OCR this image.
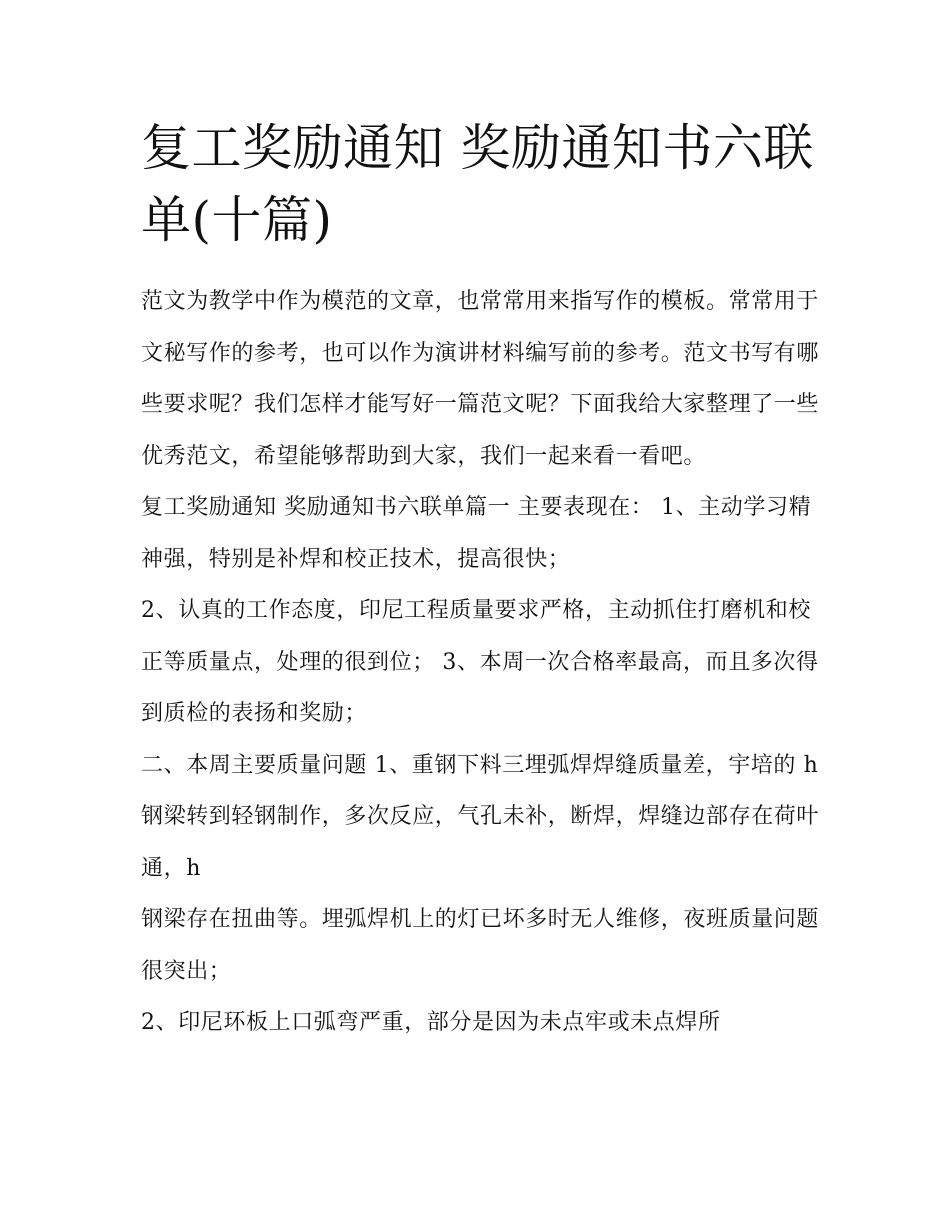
复工奖励通知 奖励通知书六联单(十篇)

范文为教学中作为模范的文章，也常常用来指写作的模板。常常用于文秘写作的参考，也可以作为演讲材料编写前的参考。范文书写有哪些要求呢？我们怎样才能写好一篇范文呢？下面我给大家整理了一些优秀范文，希望能够帮助到大家，我们一起来看一看吧。

复工奖励通知 奖励通知书六联单篇一 主要表现在： 1、主动学习精神强，特别是补焊和校正技术，提高很快；

2、认真的工作态度，印尼工程质量要求严格，主动抓住打磨机和校正等质量点，处理的很到位； 3、本周一次合格率最高，而且多次得到质检的表扬和奖励；

二、本周主要质量问题 1、重钢下料三埋弧焊焊缝质量差，宇培的 h 钢梁转到轻钢制作，多次反应，气孔未补，断焊，焊缝边部存在荷叶通，h

钢梁存在扭曲等。埋弧焊机上的灯已坏多时无人维修，夜班质量问题很突出；

2、印尼环板上口弧弯严重，部分是因为未点牢或未点焊所
